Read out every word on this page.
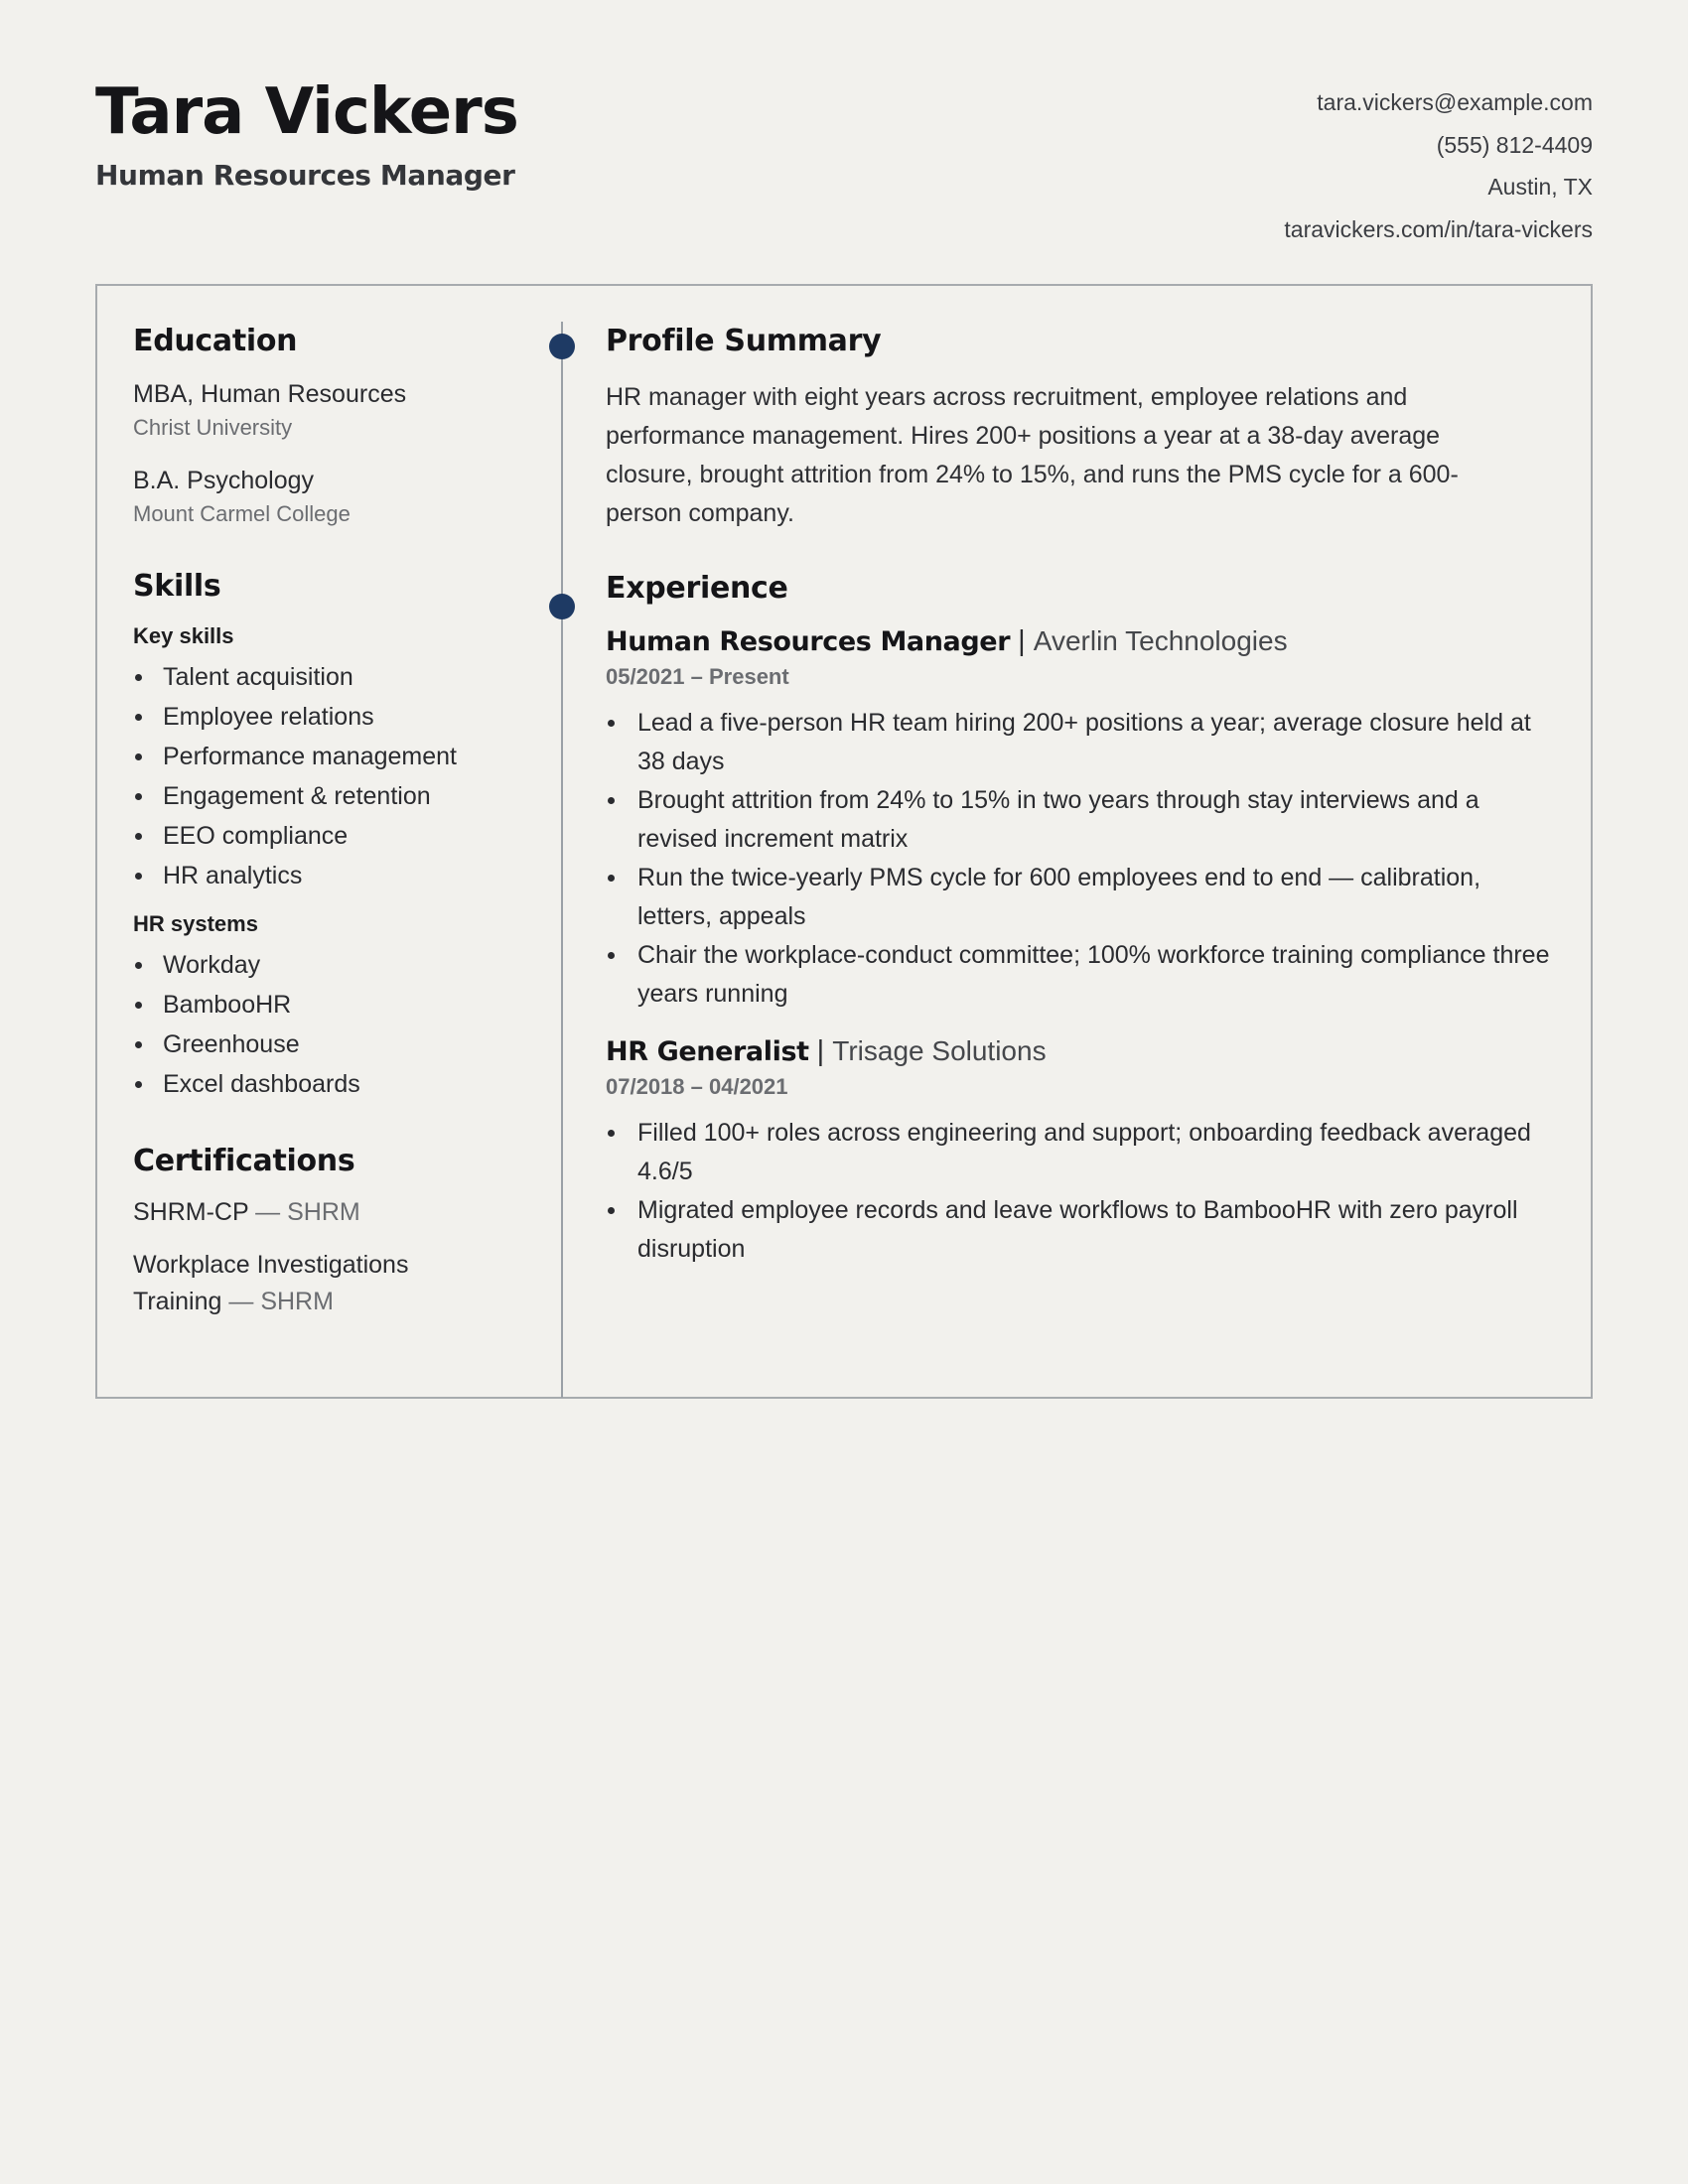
Tara Vickers
Human Resources Manager
tara.vickers@example.com
(555) 812-4409
Austin, TX
taravickers.com/in/tara-vickers
Education
MBA, Human Resources
Christ University
B.A. Psychology
Mount Carmel College
Skills
Key skills
Talent acquisition
Employee relations
Performance management
Engagement & retention
EEO compliance
HR analytics
HR systems
Workday
BambooHR
Greenhouse
Excel dashboards
Certifications
SHRM-CP — SHRM
Workplace Investigations Training — SHRM
Profile Summary

HR manager with eight years across recruitment, employee relations and performance management. Hires 200+ positions a year at a 38-day average closure, brought attrition from 24% to 15%, and runs the PMS cycle for a 600-person company.

Experience
Human Resources Manager | Averlin Technologies
05/2021 – Present
Lead a five-person HR team hiring 200+ positions a year; average closure held at 38 days
Brought attrition from 24% to 15% in two years through stay interviews and a revised increment matrix
Run the twice-yearly PMS cycle for 600 employees end to end — calibration, letters, appeals
Chair the workplace-conduct committee; 100% workforce training compliance three years running
HR Generalist | Trisage Solutions
07/2018 – 04/2021
Filled 100+ roles across engineering and support; onboarding feedback averaged 4.6/5
Migrated employee records and leave workflows to BambooHR with zero payroll disruption
